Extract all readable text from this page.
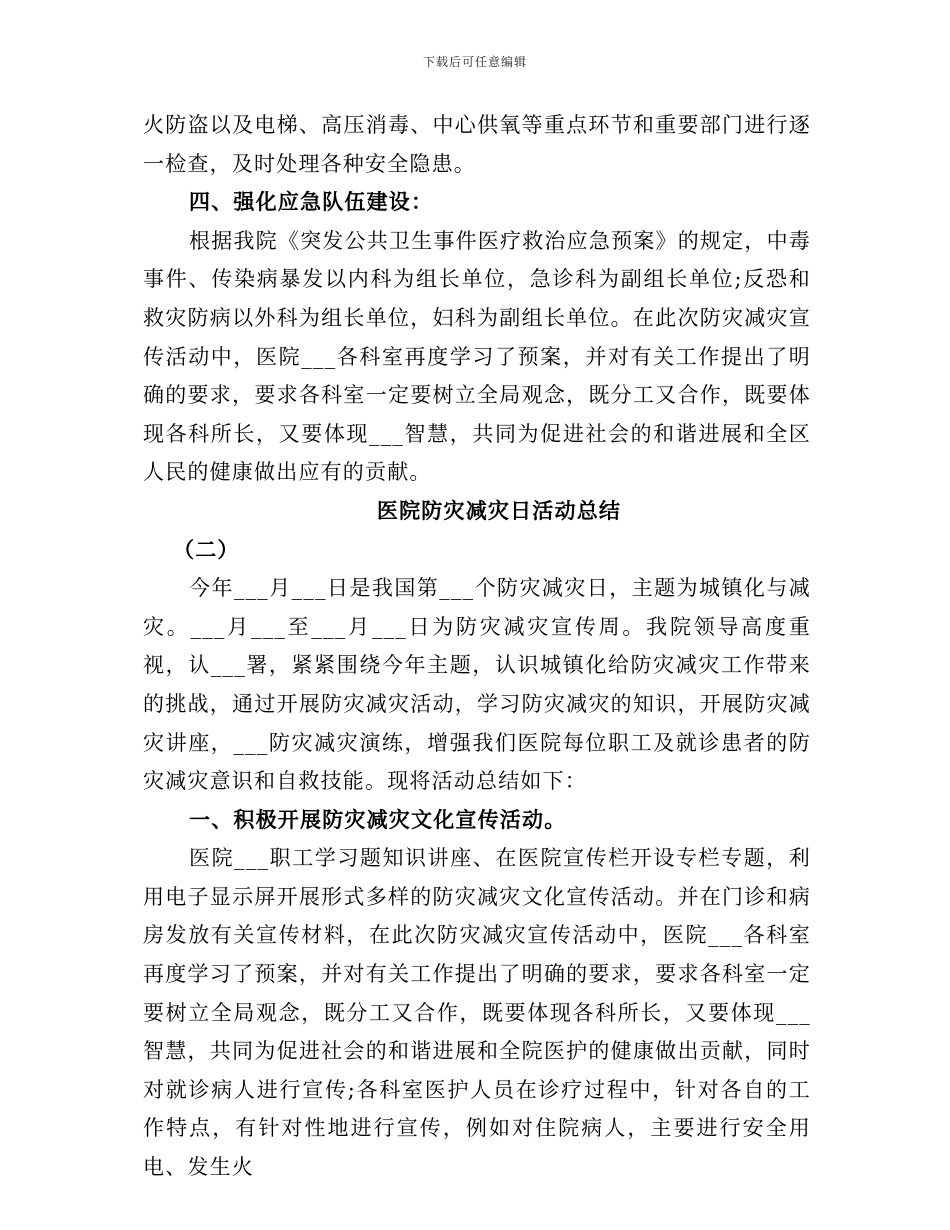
下载后可任意编辑

火防盗以及电梯、高压消毒、中心供氧等重点环节和重要部门进行逐一检查，及时处理各种安全隐患。

四、强化应急队伍建设：

根据我院《突发公共卫生事件医疗救治应急预案》的规定，中毒事件、传染病暴发以内科为组长单位，急诊科为副组长单位;反恐和救灾防病以外科为组长单位，妇科为副组长单位。在此次防灾减灾宣传活动中，医院___各科室再度学习了预案，并对有关工作提出了明确的要求，要求各科室一定要树立全局观念，既分工又合作，既要体现各科所长，又要体现___智慧，共同为促进社会的和谐进展和全区人民的健康做出应有的贡献。

医院防灾减灾日活动总结

（二）

今年___月___日是我国第___个防灾减灾日，主题为城镇化与减灾。___月___至___月___日为防灾减灾宣传周。我院领导高度重视，认___署，紧紧围绕今年主题，认识城镇化给防灾减灾工作带来的挑战，通过开展防灾减灾活动，学习防灾减灾的知识，开展防灾减灾讲座，___防灾减灾演练，增强我们医院每位职工及就诊患者的防灾减灾意识和自救技能。现将活动总结如下：

一、积极开展防灾减灾文化宣传活动。

医院___职工学习题知识讲座、在医院宣传栏开设专栏专题，利用电子显示屏开展形式多样的防灾减灾文化宣传活动。并在门诊和病房发放有关宣传材料，在此次防灾减灾宣传活动中，医院___各科室再度学习了预案，并对有关工作提出了明确的要求，要求各科室一定要树立全局观念，既分工又合作，既要体现各科所长，又要体现___智慧，共同为促进社会的和谐进展和全院医护的健康做出贡献，同时对就诊病人进行宣传;各科室医护人员在诊疗过程中，针对各自的工作特点，有针对性地进行宣传，例如对住院病人，主要进行安全用电、发生火
